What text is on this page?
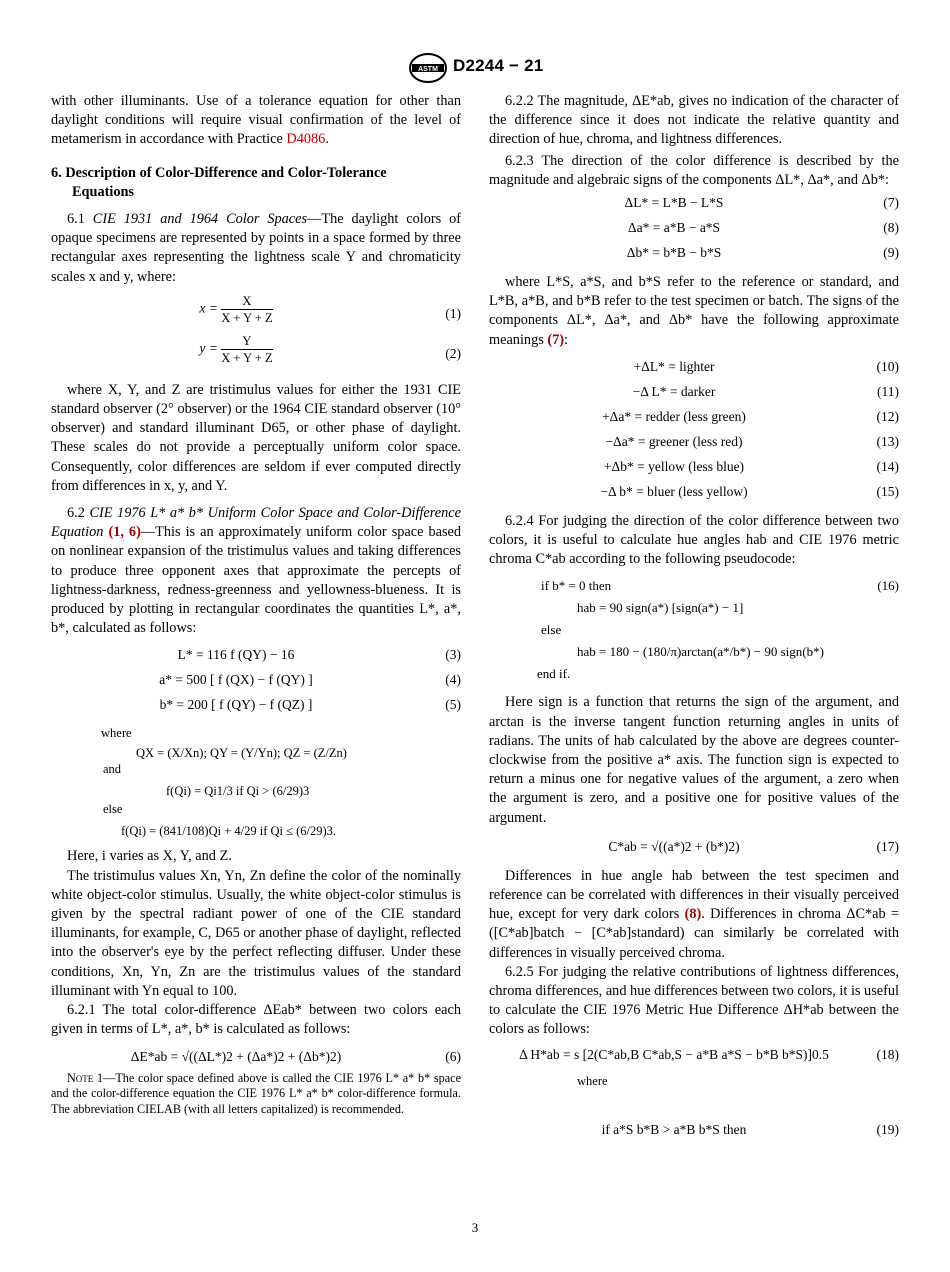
ASTM D2244 − 21

with other illuminants. Use of a tolerance equation for other than daylight conditions will require visual confirmation of the level of metamerism in accordance with Practice D4086.

6. Description of Color-Difference and Color-Tolerance
Equations

6.1 CIE 1931 and 1964 Color Spaces—The daylight colors of opaque specimens are represented by points in a space formed by three rectangular axes representing the lightness scale Y and chromaticity scales x and y, where:

$x = \frac{X}{X + Y + Z}$	(1)
$y = \frac{Y}{X + Y + Z}$	(2)

where X, Y, and Z are tristimulus values for either the 1931 CIE standard observer (2° observer) or the 1964 CIE standard observer (10° observer) and standard illuminant D65, or other phase of daylight. These scales do not provide a perceptually uniform color space. Consequently, color differences are seldom if ever computed directly from differences in x, y, and Y.

6.2 CIE 1976 L* a* b* Uniform Color Space and Color-Difference Equation (1, 6)—This is an approximately uniform color space based on nonlinear expansion of the tristimulus values and taking differences to produce three opponent axes that approximate the percepts of lightness-darkness, redness-greenness and yellowness-blueness. It is produced by plotting in rectangular coordinates the quantities L*, a*, b*, calculated as follows:

L* = 116 f (QY) − 16	(3)
a* = 500 [ f (QX) − f (QY) ]	(4)
b* = 200 [ f (QY) − f (QZ) ]	(5)
where
QX = (X/Xn); QY = (Y/Yn); QZ = (Z/Zn)
and
f(Qi) = Qi1/3 if Qi > (6/29)3
else
f(Qi) = (841/108)Qi + 4/29 if Qi ≤ (6/29)3.

Here, i varies as X, Y, and Z.

The tristimulus values Xn, Yn, Zn define the color of the nominally white object-color stimulus. Usually, the white object-color stimulus is given by the spectral radiant power of one of the CIE standard illuminants, for example, C, D65 or another phase of daylight, reflected into the observer's eye by the perfect reflecting diffuser. Under these conditions, Xn, Yn, Zn are the tristimulus values of the standard illuminant with Yn equal to 100.

6.2.1 The total color-difference ΔEab* between two colors each given in terms of L*, a*, b* is calculated as follows:

ΔE*ab = √((ΔL*)2 + (Δa*)2 + (Δb*)2)	(6)

Note 1—The color space defined above is called the CIE 1976 L* a* b* space and the color-difference equation the CIE 1976 L* a* b* color-difference formula. The abbreviation CIELAB (with all letters capitalized) is recommended.

6.2.2 The magnitude, ΔE*ab, gives no indication of the character of the difference since it does not indicate the relative quantity and direction of hue, chroma, and lightness differences.

6.2.3 The direction of the color difference is described by the magnitude and algebraic signs of the components ΔL*, Δa*, and Δb*:

ΔL* = L*B − L*S	(7)
Δa* = a*B − a*S	(8)
Δb* = b*B − b*S	(9)

where L*S, a*S, and b*S refer to the reference or standard, and L*B, a*B, and b*B refer to the test specimen or batch. The signs of the components ΔL*, Δa*, and Δb* have the following approximate meanings (7):

+ΔL* = lighter	(10)
−Δ L* = darker	(11)
+Δa* = redder (less green)	(12)
−Δa* = greener (less red)	(13)
+Δb* = yellow (less blue)	(14)
−Δ b* = bluer (less yellow)	(15)

6.2.4 For judging the direction of the color difference between two colors, it is useful to calculate hue angles hab and CIE 1976 metric chroma C*ab according to the following pseudocode:

if b* = 0 then	(16)
hab = 90 sign(a*) [sign(a*) − 1]
else
hab = 180 − (180/π)arctan(a*/b*) − 90 sign(b*)
end if.

Here sign is a function that returns the sign of the argument, and arctan is the inverse tangent function returning angles in units of radians. The units of hab calculated by the above are degrees counter-clockwise from the positive a* axis. The function sign is expected to return a minus one for negative values of the argument, a zero when the argument is zero, and a positive one for positive values of the argument.

C*ab = √((a*)2 + (b*)2)	(17)

Differences in hue angle hab between the test specimen and reference can be correlated with differences in their visually perceived hue, except for very dark colors (8). Differences in chroma ΔC*ab = ([C*ab]batch − [C*ab]standard) can similarly be correlated with differences in visually perceived chroma.

6.2.5 For judging the relative contributions of lightness differences, chroma differences, and hue differences between two colors, it is useful to calculate the CIE 1976 Metric Hue Difference ΔH*ab between the colors as follows:

Δ H*ab = s [2(C*ab,B C*ab,S − a*B a*S − b*B b*S)]0.5	(18)
where
if a*S b*B > a*B b*S then	(19)
3
